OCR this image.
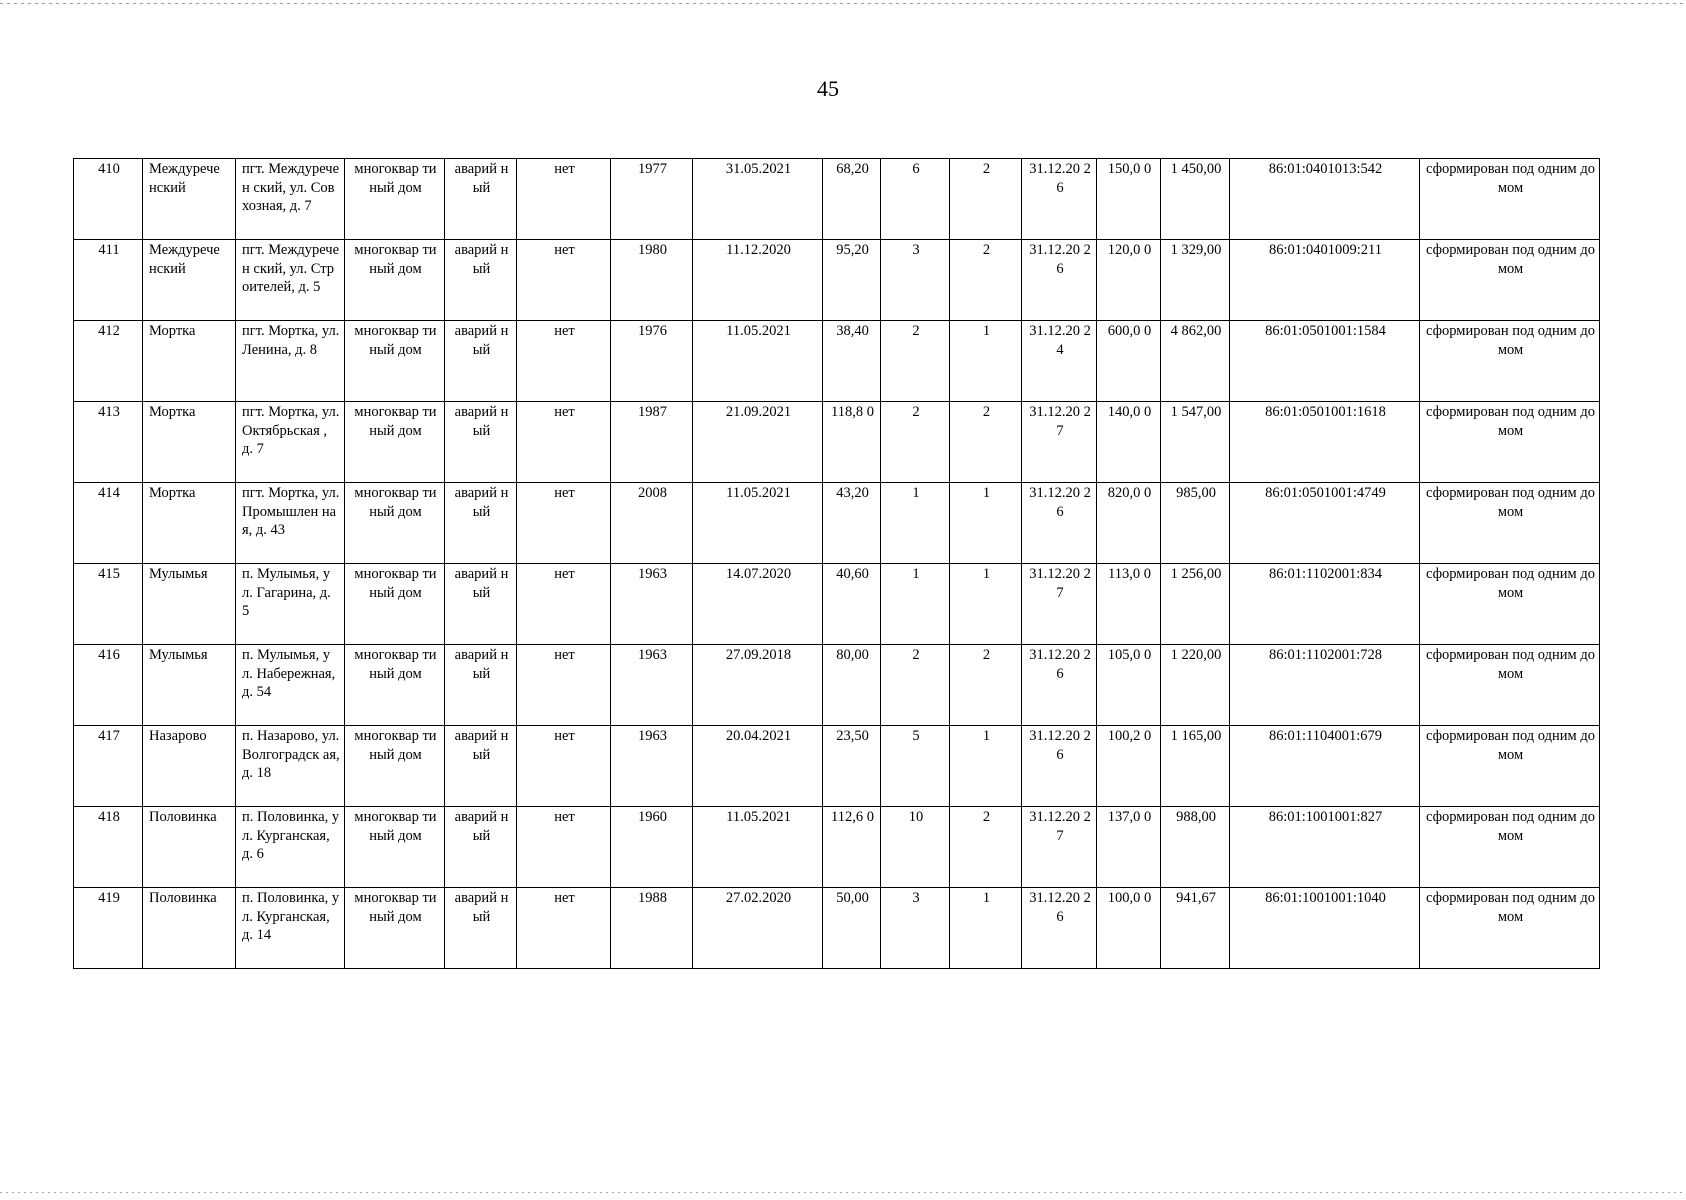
45
410	Междуречe нский	пгт. Междуречен ский, ул. Совхозная, д. 7	многоквар тиный дом	аварий ный	нет	1977	31.05.2021	68,20	6	2	31.12.20 26	150,0 0	1 450,00	86:01:0401013:542	сформирован под одним домом
411	Междуречe нский	пгт. Междуречен ский, ул. Строителей, д. 5	многоквар тиный дом	аварий ный	нет	1980	11.12.2020	95,20	3	2	31.12.20 26	120,0 0	1 329,00	86:01:0401009:211	сформирован под одним домом
412	Мортка	пгт. Мортка, ул. Ленина, д. 8	многоквар тиный дом	аварий ный	нет	1976	11.05.2021	38,40	2	1	31.12.20 24	600,0 0	4 862,00	86:01:0501001:1584	сформирован под одним домом
413	Мортка	пгт. Мортка, ул. Октябрьская , д. 7	многоквар тиный дом	аварий ный	нет	1987	21.09.2021	118,8 0	2	2	31.12.20 27	140,0 0	1 547,00	86:01:0501001:1618	сформирован под одним домом
414	Мортка	пгт. Мортка, ул. Промышлен ная, д. 43	многоквар тиный дом	аварий ный	нет	2008	11.05.2021	43,20	1	1	31.12.20 26	820,0 0	985,00	86:01:0501001:4749	сформирован под одним домом
415	Мулымья	п. Мулымья, ул. Гагарина, д. 5	многоквар тиный дом	аварий ный	нет	1963	14.07.2020	40,60	1	1	31.12.20 27	113,0 0	1 256,00	86:01:1102001:834	сформирован под одним домом
416	Мулымья	п. Мулымья, ул. Набережная, д. 54	многоквар тиный дом	аварий ный	нет	1963	27.09.2018	80,00	2	2	31.12.20 26	105,0 0	1 220,00	86:01:1102001:728	сформирован под одним домом
417	Назарово	п. Назарово, ул. Волгоградск ая, д. 18	многоквар тиный дом	аварий ный	нет	1963	20.04.2021	23,50	5	1	31.12.20 26	100,2 0	1 165,00	86:01:1104001:679	сформирован под одним домом
418	Половинка	п. Половинка, ул. Курганская, д. 6	многоквар тиный дом	аварий ный	нет	1960	11.05.2021	112,6 0	10	2	31.12.20 27	137,0 0	988,00	86:01:1001001:827	сформирован под одним домом
419	Половинка	п. Половинка, ул. Курганская, д. 14	многоквар тиный дом	аварий ный	нет	1988	27.02.2020	50,00	3	1	31.12.20 26	100,0 0	941,67	86:01:1001001:1040	сформирован под одним домом
